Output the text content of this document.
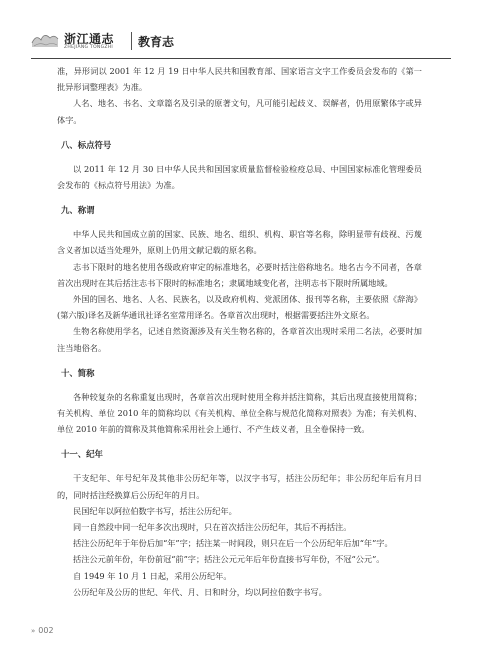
浙江通志
ZHEJIANG TONGZHI 教育志

准，异形词以 2001 年 12 月 19 日中华人民共和国教育部、国家语言文字工作委员会发布的《第一批异形词整理表》为准。

人名、地名、书名、文章篇名及引录的原著文句，凡可能引起歧义、误解者，仍用原繁体字或异体字。

八、标点符号

以 2011 年 12 月 30 日中华人民共和国国家质量监督检验检疫总局、中国国家标准化管理委员会发布的《标点符号用法》为准。

九、称谓

中华人民共和国成立前的国家、民族、地名、组织、机构、职官等名称，除明显带有歧视、污蔑含义者加以适当处理外，原则上仍用文献记载的原名称。

志书下限时的地名使用各级政府审定的标准地名，必要时括注俗称地名。地名古今不同者，各章首次出现时在其后括注志书下限时的标准地名；隶属地域变化者，注明志书下限时所属地域。

外国的国名、地名、人名、民族名，以及政府机构、党派团体、报刊等名称，主要依照《辞海》(第六版)译名及新华通讯社译名室常用译名。各章首次出现时，根据需要括注外文原名。

生物名称使用学名，记述自然资源涉及有关生物名称的，各章首次出现时采用二名法，必要时加注当地俗名。

十、简称

各种较复杂的名称重复出现时，各章首次出现时使用全称并括注简称，其后出现直接使用简称；有关机构、单位 2010 年的简称均以《有关机构、单位全称与规范化简称对照表》为准；有关机构、单位 2010 年前的简称及其他简称采用社会上通行、不产生歧义者，且全卷保持一致。

十一、纪年

干支纪年、年号纪年及其他非公历纪年等，以汉字书写，括注公历纪年；非公历纪年后有月日的，同时括注经换算后公历纪年的月日。

民国纪年以阿拉伯数字书写，括注公历纪年。

同一自然段中同一纪年多次出现时，只在首次括注公历纪年，其后不再括注。

括注公历纪年于年份后加“年”字；括注某一时间段，则只在后一个公历纪年后加“年”字。

括注公元前年份，年份前冠“前”字；括注公元元年后年份直接书写年份，不冠“公元”。

自 1949 年 10 月 1 日起，采用公历纪年。

公历纪年及公历的世纪、年代、月、日和时分，均以阿拉伯数字书写。

» 002
